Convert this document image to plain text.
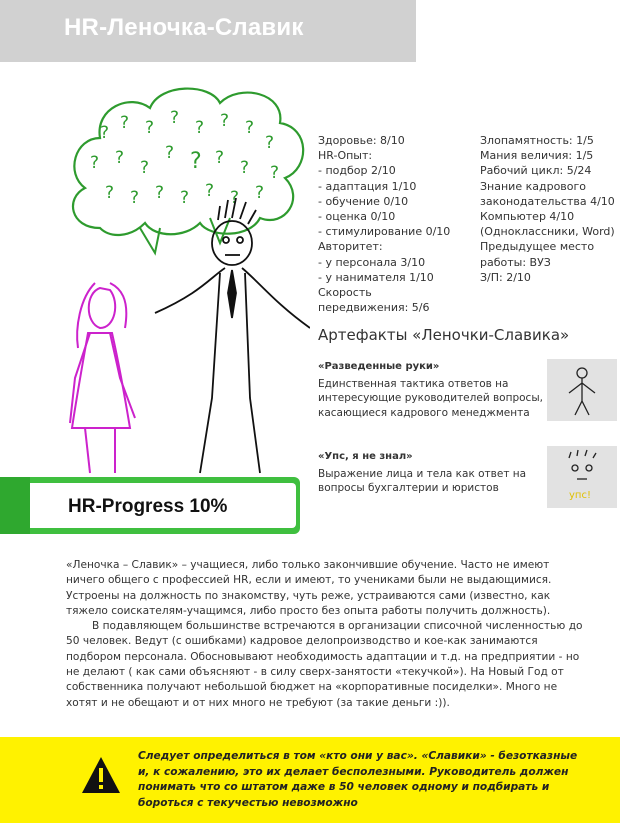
HR-Леночка-Славик
? ? ? ? ? ? ?
?
? ? ?
? ? ? ? ?
? ? ? ? ? ? ?
Здоровье: 8/10
HR-Опыт:
- подбор 2/10
- адаптация 1/10
- обучение 0/10
- оценка 0/10
- стимулирование 0/10
Авторитет:
- у персонала 3/10
- у нанимателя 1/10
Скорость
передвижения: 5/6
Злопамятность: 1/5
Мания величия: 1/5
Рабочий цикл: 5/24
Знание кадрового
законодательства 4/10
Компьютер 4/10
(Одноклассники, Word)
Предыдущее место
работы: ВУЗ
З/П: 2/10
Артефакты «Леночки-Славика»
«Разведенные руки»
Единственная тактика ответов на интересующие руководителей вопросы, касающиеся кадрового менеджмента
«Упс, я не знал»
Выражение лица и тела как ответ на вопросы бухгалтерии и юристов
упс!
HR-Progress 10%

«Леночка – Славик» – учащиеся, либо только закончившие обучение. Часто не имеют ничего общего с профессией HR, если и имеют, то учениками были не выдающимися. Устроены на должность по знакомству, чуть реже, устраиваются сами (известно, как тяжело соискателям-учащимся, либо просто без опыта работы получить должность).

В подавляющем большинстве встречаются в организации списочной численностью до 50 человек. Ведут (с ошибками) кадровое делопроизводство и кое-как занимаются подбором персонала. Обосновывают необходимость адаптации и т.д. на предприятии - но не делают ( как сами объясняют - в силу сверх-занятости «текучкой»). На Новый Год от собственника получают небольшой бюджет на «корпоративные посиделки». Много не хотят и не обещают и от них много не требуют (за такие деньги :)).

Следует определиться в том «кто они у вас». «Славики» - безотказные и, к сожалению, это их делает бесполезными. Руководитель должен понимать что со штатом даже в 50 человек одному и подбирать и бороться с текучестью невозможно
